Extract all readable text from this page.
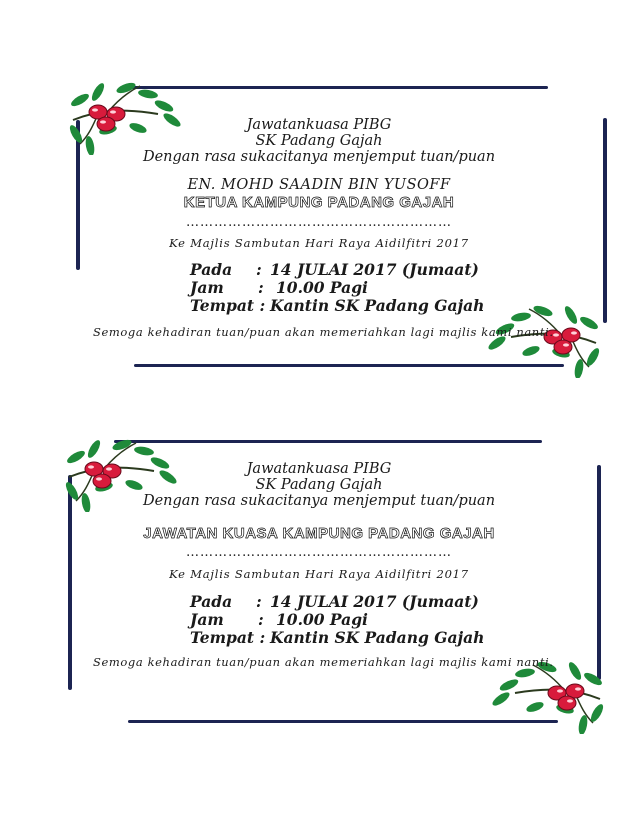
Jawatankuasa PIBG
SK Padang Gajah
Dengan rasa sukacitanya menjemput tuan/puan
EN. MOHD SAADIN BIN YUSOFF
KETUA KAMPUNG PADANG GAJAH
…………………………………………………
Ke Majlis Sambutan Hari Raya Aidilfitri 2017
Pada	: 14 JULAI 2017 (Jumaat)
Jam	: 10.00 Pagi
Tempat : Kantin SK Padang Gajah
Semoga kehadiran tuan/puan akan memeriahkan lagi majlis kami nanti.
Jawatankuasa PIBG
SK Padang Gajah
Dengan rasa sukacitanya menjemput tuan/puan
JAWATAN KUASA KAMPUNG PADANG GAJAH
…………………………………………………
Ke Majlis Sambutan Hari Raya Aidilfitri 2017
Pada	: 14 JULAI 2017 (Jumaat)
Jam	: 10.00 Pagi
Tempat : Kantin SK Padang Gajah
Semoga kehadiran tuan/puan akan memeriahkan lagi majlis kami nanti.
